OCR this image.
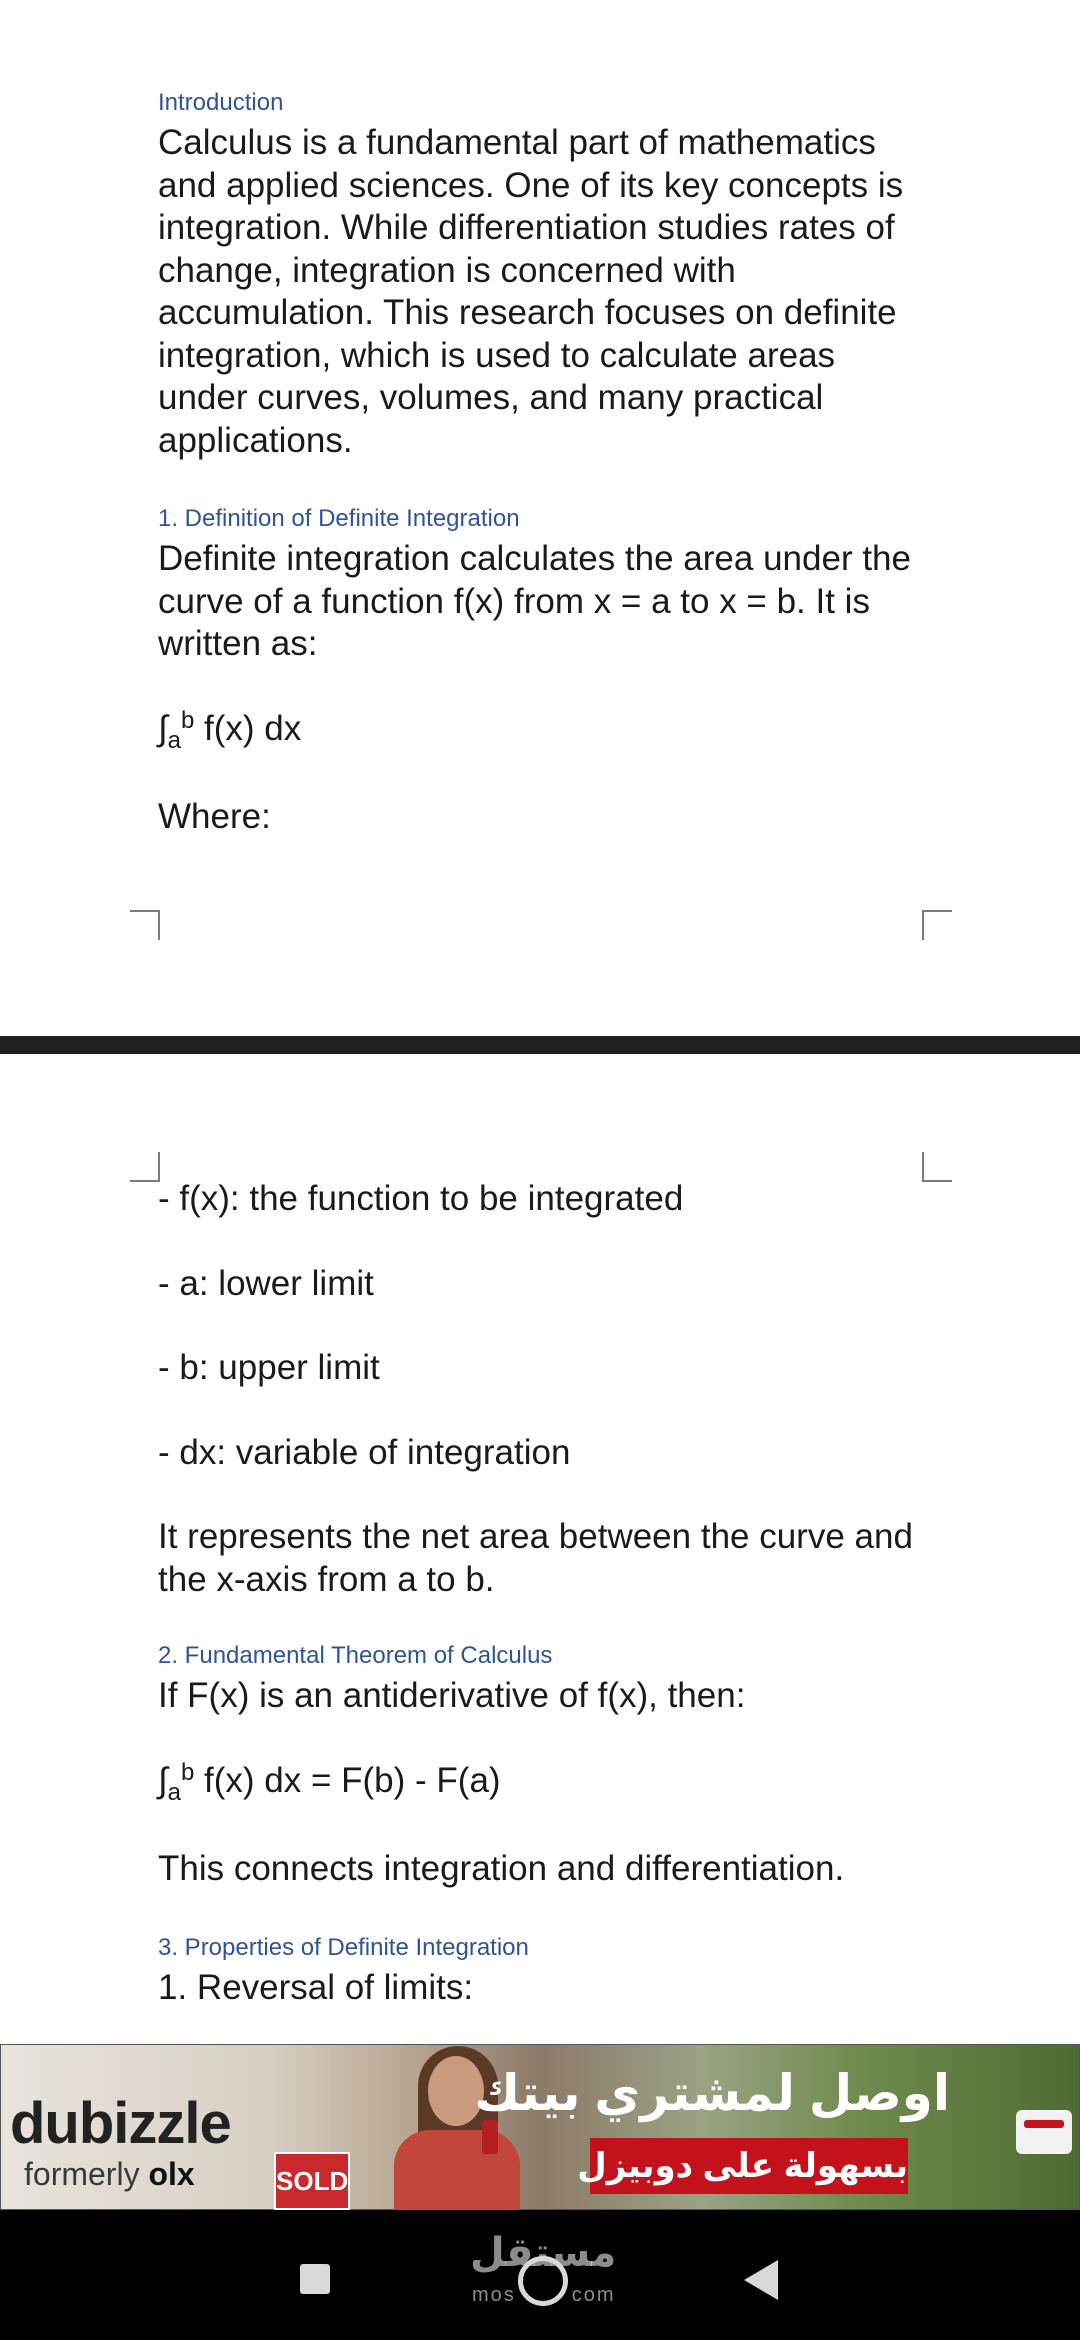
Introduction

Calculus is a fundamental part of mathematics

and applied sciences. One of its key concepts is

integration. While differentiation studies rates of

change, integration is concerned with

accumulation. This research focuses on definite

integration, which is used to calculate areas

under curves, volumes, and many practical

applications.

1. Definition of Definite Integration

Definite integration calculates the area under the

curve of a function f(x) from x = a to x = b. It is

written as:

$\int_a^b$ f(x) dx

Where:

- f(x): the function to be integrated

- a: lower limit

- b: upper limit

- dx: variable of integration

It represents the net area between the curve and

the x-axis from a to b.

2. Fundamental Theorem of Calculus

If F(x) is an antiderivative of f(x), then:

$\int_a^b$ f(x) dx = F(b) - F(a)

This connects integration and differentiation.

3. Properties of Definite Integration

1. Reversal of limits:

dubizzle
formerly olx	SOLD
اوصل لمشتري بيتك
بسهولة على دوبيزل
مستقل
mos	com
